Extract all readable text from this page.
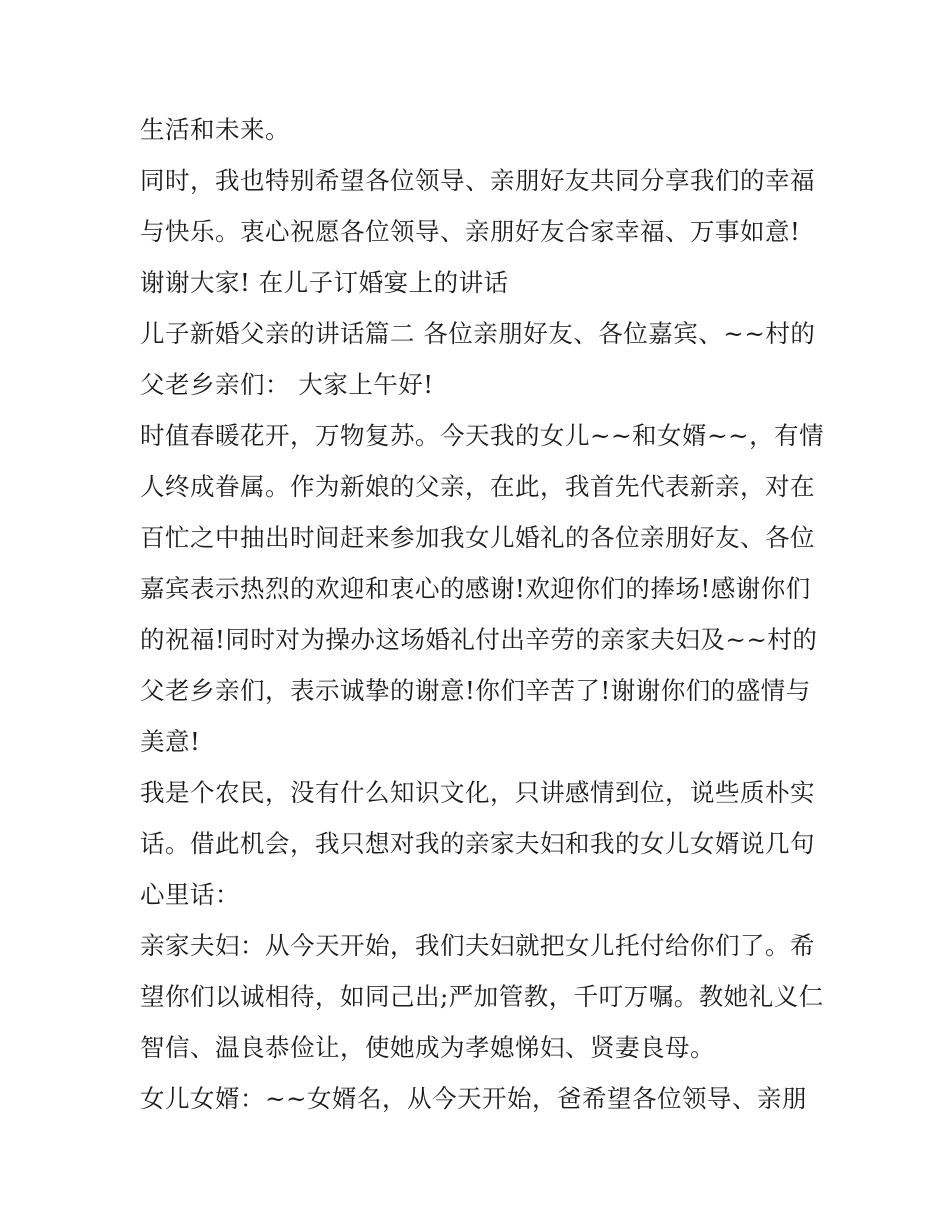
生活和未来。

同时，我也特别希望各位领导、亲朋好友共同分享我们的幸福与快乐。衷心祝愿各位领导、亲朋好友合家幸福、万事如意!

谢谢大家! 在儿子订婚宴上的讲话

儿子新婚父亲的讲话篇二 各位亲朋好友、各位嘉宾、~~村的父老乡亲们： 大家上午好!

时值春暖花开，万物复苏。今天我的女儿~~和女婿~~，有情人终成眷属。作为新娘的父亲，在此，我首先代表新亲，对在百忙之中抽出时间赶来参加我女儿婚礼的各位亲朋好友、各位嘉宾表示热烈的欢迎和衷心的感谢!欢迎你们的捧场!感谢你们的祝福!同时对为操办这场婚礼付出辛劳的亲家夫妇及~~村的父老乡亲们，表示诚挚的谢意!你们辛苦了!谢谢你们的盛情与美意!

我是个农民，没有什么知识文化，只讲感情到位，说些质朴实话。借此机会，我只想对我的亲家夫妇和我的女儿女婿说几句心里话：

亲家夫妇：从今天开始，我们夫妇就把女儿托付给你们了。希望你们以诚相待，如同己出;严加管教，千叮万嘱。教她礼义仁智信、温良恭俭让，使她成为孝媳悌妇、贤妻良母。

女儿女婿：~~女婿名，从今天开始，爸希望各位领导、亲朋
